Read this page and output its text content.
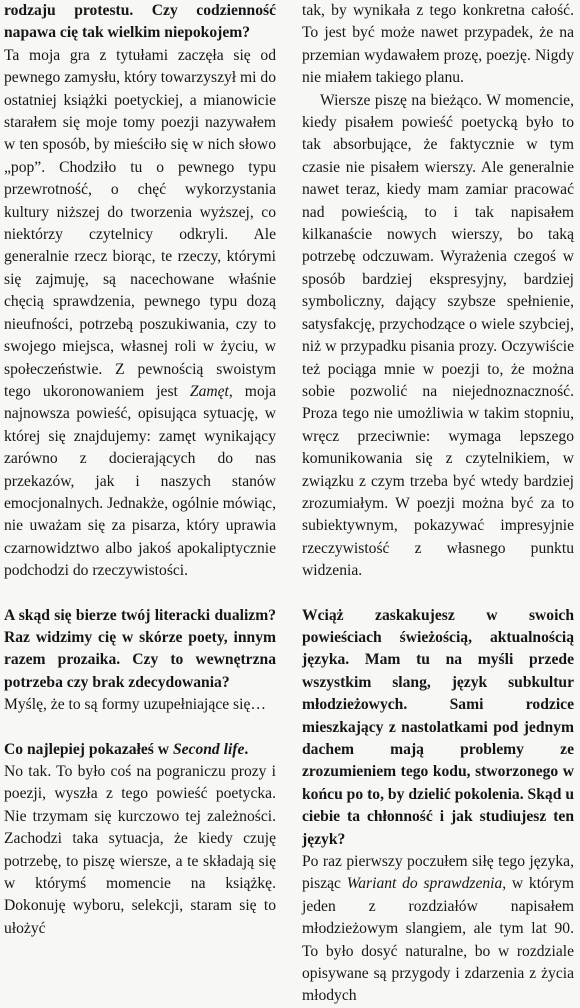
rodzaju protestu. Czy codzienność napawa cię tak wielkim niepokojem?

Ta moja gra z tytułami zaczęła się od pewnego zamysłu, który towarzyszył mi do ostatniej książki poetyckiej, a mianowicie starałem się moje tomy poezji nazywałem w ten sposób, by mieściło się w nich słowo „pop”. Chodziło tu o pewnego typu przewrotność, o chęć wykorzystania kultury niższej do tworzenia wyższej, co niektórzy czytelnicy odkryli. Ale generalnie rzecz biorąc, te rzeczy, którymi się zajmuję, są nacechowane właśnie chęcią sprawdzenia, pewnego typu dozą nieufności, potrzebą poszukiwania, czy to swojego miejsca, własnej roli w życiu, w społeczeństwie. Z pewnością swoistym tego ukoronowaniem jest Zamęt, moja najnowsza powieść, opisująca sytuację, w której się znajdujemy: zamęt wynikający zarówno z docierających do nas przekazów, jak i naszych stanów emocjonalnych. Jednakże, ogólnie mówiąc, nie uważam się za pisarza, który uprawia czarnowidztwo albo jakoś apokaliptycznie podchodzi do rzeczywistości.

A skąd się bierze twój literacki dualizm? Raz widzimy cię w skórze poety, innym razem prozaika. Czy to wewnętrzna potrzeba czy brak zdecydowania?

Myślę, że to są formy uzupełniające się…

Co najlepiej pokazałeś w Second life.

No tak. To było coś na pograniczu prozy i poezji, wyszła z tego powieść poetycka. Nie trzymam się kurczowo tej zależności. Zachodzi taka sytuacja, że kiedy czuję potrzebę, to piszę wiersze, a te składają się w którymś momencie na książkę. Dokonuję wyboru, selekcji, staram się to ułożyć

tak, by wynikała z tego konkretna całość. To jest być może nawet przypadek, że na przemian wydawałem prozę, poezję. Nigdy nie miałem takiego planu.

Wiersze piszę na bieżąco. W momencie, kiedy pisałem powieść poetycką było to tak absorbujące, że faktycznie w tym czasie nie pisałem wierszy. Ale generalnie nawet teraz, kiedy mam zamiar pracować nad powieścią, to i tak napisałem kilkanaście nowych wierszy, bo taką potrzebę odczuwam. Wyrażenia czegoś w sposób bardziej ekspresyjny, bardziej symboliczny, dający szybsze spełnienie, satysfakcję, przychodzące o wiele szybciej, niż w przypadku pisania prozy. Oczywiście też pociąga mnie w poezji to, że można sobie pozwolić na niejednoznaczność. Proza tego nie umożliwia w takim stopniu, wręcz przeciwnie: wymaga lepszego komunikowania się z czytelnikiem, w związku z czym trzeba być wtedy bardziej zrozumiałym. W poezji można być za to subiektywnym, pokazywać impresyjnie rzeczywistość z własnego punktu widzenia.

Wciąż zaskakujesz w swoich powieściach świeżością, aktualnością języka. Mam tu na myśli przede wszystkim slang, język subkultur młodzieżowych. Sami rodzice mieszkający z nastolatkami pod jednym dachem mają problemy ze zrozumieniem tego kodu, stworzonego w końcu po to, by dzielić pokolenia. Skąd u ciebie ta chłonność i jak studiujesz ten język?

Po raz pierwszy poczułem siłę tego języka, pisząc Wariant do sprawdzenia, w którym jeden z rozdziałów napisałem młodzieżowym slangiem, ale tym lat 90. To było dosyć naturalne, bo w rozdziale opisywane są przygody i zdarzenia z życia młodych
